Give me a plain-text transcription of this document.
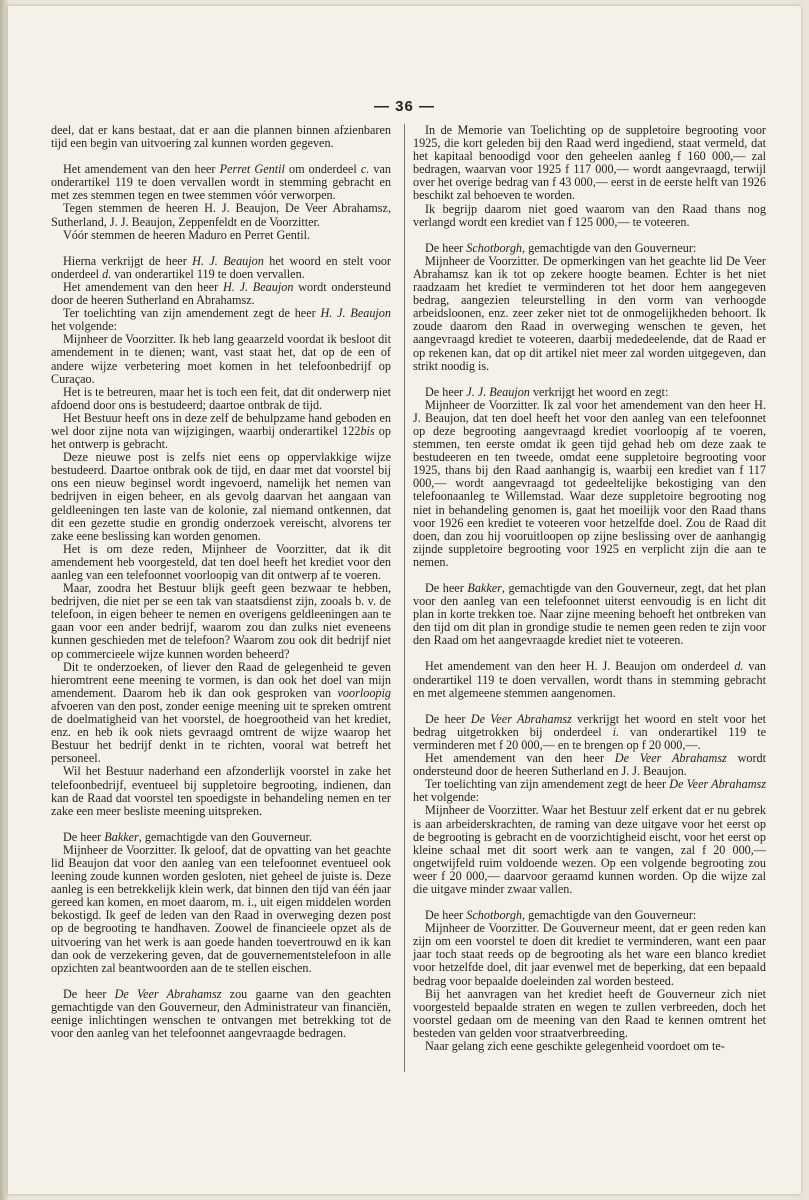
— 36 —

deel, dat er kans bestaat, dat er aan die plannen binnen afzienbaren tijd een begin van uitvoering zal kunnen worden gegeven.

Het amendement van den heer Perret Gentil om onderdeel c. van onderartikel 119 te doen vervallen wordt in stemming gebracht en met zes stemmen tegen en twee stemmen vóór verworpen.

Tegen stemmen de heeren H. J. Beaujon, De Veer Abrahamsz, Sutherland, J. J. Beaujon, Zeppenfeldt en de Voorzitter.

Vóór stemmen de heeren Maduro en Perret Gentil.

Hierna verkrijgt de heer H. J. Beaujon het woord en stelt voor onderdeel d. van onderartikel 119 te doen vervallen.

Het amendement van den heer H. J. Beaujon wordt ondersteund door de heeren Sutherland en Abrahamsz.

Ter toelichting van zijn amendement zegt de heer H. J. Beaujon het volgende:

Mijnheer de Voorzitter. Ik heb lang geaarzeld voordat ik besloot dit amendement in te dienen; want, vast staat het, dat op de een of andere wijze verbetering moet komen in het telefoonbedrijf op Curaçao.

Het is te betreuren, maar het is toch een feit, dat dit onderwerp niet afdoend door ons is bestudeerd; daartoe ontbrak de tijd.

Het Bestuur heeft ons in deze zelf de behulpzame hand geboden en wel door zijne nota van wijzigingen, waarbij onderartikel 122bis op het ontwerp is gebracht.

Deze nieuwe post is zelfs niet eens op oppervlakkige wijze bestudeerd. Daartoe ontbrak ook de tijd, en daar met dat voorstel bij ons een nieuw beginsel wordt ingevoerd, namelijk het nemen van bedrijven in eigen beheer, en als gevolg daarvan het aangaan van geldleeningen ten laste van de kolonie, zal niemand ontkennen, dat dit een gezette studie en grondig onderzoek vereischt, alvorens ter zake eene beslissing kan worden genomen.

Het is om deze reden, Mijnheer de Voorzitter, dat ik dit amendement heb voorgesteld, dat ten doel heeft het krediet voor den aanleg van een telefoonnet voorloopig van dit ontwerp af te voeren.

Maar, zoodra het Bestuur blijk geeft geen bezwaar te hebben, bedrijven, die niet per se een tak van staatsdienst zijn, zooals b. v. de telefoon, in eigen beheer te nemen en overigens geldleeningen aan te gaan voor een ander bedrijf, waarom zou dan zulks niet eveneens kunnen geschieden met de telefoon? Waarom zou ook dit bedrijf niet op commercieele wijze kunnen worden beheerd?

Dit te onderzoeken, of liever den Raad de gelegenheid te geven hieromtrent eene meening te vormen, is dan ook het doel van mijn amendement. Daarom heb ik dan ook gesproken van voorloopig afvoeren van den post, zonder eenige meening uit te spreken omtrent de doelmatigheid van het voorstel, de hoegrootheid van het krediet, enz. en heb ik ook niets gevraagd omtrent de wijze waarop het Bestuur het bedrijf denkt in te richten, vooral wat betreft het personeel.

Wil het Bestuur naderhand een afzonderlijk voorstel in zake het telefoonbedrijf, eventueel bij suppletoire begrooting, indienen, dan kan de Raad dat voorstel ten spoedigste in behandeling nemen en ter zake een meer besliste meening uitspreken.

De heer Bakker, gemachtigde van den Gouverneur.

Mijnheer de Voorzitter. Ik geloof, dat de opvatting van het geachte lid Beaujon dat voor den aanleg van een telefoonnet eventueel ook leening zoude kunnen worden gesloten, niet geheel de juiste is. Deze aanleg is een betrekkelijk klein werk, dat binnen den tijd van één jaar gereed kan komen, en moet daarom, m. i., uit eigen middelen worden bekostigd. Ik geef de leden van den Raad in overweging dezen post op de begrooting te handhaven. Zoowel de financieele opzet als de uitvoering van het werk is aan goede handen toevertrouwd en ik kan dan ook de verzekering geven, dat de gouvernementstelefoon in alle opzichten zal beantwoorden aan de te stellen eischen.

De heer De Veer Abrahamsz zou gaarne van den geachten gemachtigde van den Gouverneur, den Administrateur van financiën, eenige inlichtingen wenschen te ontvangen met betrekking tot de voor den aanleg van het telefoonnet aangevraagde bedragen.

In de Memorie van Toelichting op de suppletoire begrooting voor 1925, die kort geleden bij den Raad werd ingediend, staat vermeld, dat het kapitaal benoodigd voor den geheelen aanleg f 160 000,— zal bedragen, waarvan voor 1925 f 117 000,— wordt aangevraagd, terwijl over het overige bedrag van f 43 000,— eerst in de eerste helft van 1926 beschikt zal behoeven te worden.

Ik begrijp daarom niet goed waarom van den Raad thans nog verlangd wordt een krediet van f 125 000,— te voteeren.

De heer Schotborgh, gemachtigde van den Gouverneur:

Mijnheer de Voorzitter. De opmerkingen van het geachte lid De Veer Abrahamsz kan ik tot op zekere hoogte beamen. Echter is het niet raadzaam het krediet te verminderen tot het door hem aangegeven bedrag, aangezien teleurstelling in den vorm van verhoogde arbeidsloonen, enz. zeer zeker niet tot de onmogelijkheden behoort. Ik zoude daarom den Raad in overweging wenschen te geven, het aangevraagd krediet te voteeren, daarbij mededeelende, dat de Raad er op rekenen kan, dat op dit artikel niet meer zal worden uitgegeven, dan strikt noodig is.

De heer J. J. Beaujon verkrijgt het woord en zegt:

Mijnheer de Voorzitter. Ik zal voor het amendement van den heer H. J. Beaujon, dat ten doel heeft het voor den aanleg van een telefoonnet op deze begrooting aangevraagd krediet voorloopig af te voeren, stemmen, ten eerste omdat ik geen tijd gehad heb om deze zaak te bestudeeren en ten tweede, omdat eene suppletoire begrooting voor 1925, thans bij den Raad aanhangig is, waarbij een krediet van f 117 000,— wordt aangevraagd tot gedeeltelijke bekostiging van den telefoonaanleg te Willemstad. Waar deze suppletoire begrooting nog niet in behandeling genomen is, gaat het moeilijk voor den Raad thans voor 1926 een krediet te voteeren voor hetzelfde doel. Zou de Raad dit doen, dan zou hij vooruitloopen op zijne beslissing over de aanhangig zijnde suppletoire begrooting voor 1925 en verplicht zijn die aan te nemen.

De heer Bakker, gemachtigde van den Gouverneur, zegt, dat het plan voor den aanleg van een telefoonnet uiterst eenvoudig is en licht dit plan in korte trekken toe. Naar zijne meening behoeft het ontbreken van den tijd om dit plan in grondige studie te nemen geen reden te zijn voor den Raad om het aangevraagde krediet niet te voteeren.

Het amendement van den heer H. J. Beaujon om onderdeel d. van onderartikel 119 te doen vervallen, wordt thans in stemming gebracht en met algemeene stemmen aangenomen.

De heer De Veer Abrahamsz verkrijgt het woord en stelt voor het bedrag uitgetrokken bij onderdeel i. van onderartikel 119 te verminderen met f 20 000,— en te brengen op f 20 000,—.

Het amendement van den heer De Veer Abrahamsz wordt ondersteund door de heeren Sutherland en J. J. Beaujon.

Ter toelichting van zijn amendement zegt de heer De Veer Abrahamsz het volgende:

Mijnheer de Voorzitter. Waar het Bestuur zelf erkent dat er nu gebrek is aan arbeiderskrachten, de raming van deze uitgave voor het eerst op de begrooting is gebracht en de voorzichtigheid eischt, voor het eerst op kleine schaal met dit soort werk aan te vangen, zal f 20 000,— ongetwijfeld ruim voldoende wezen. Op een volgende begrooting zou weer f 20 000,— daarvoor geraamd kunnen worden. Op die wijze zal die uitgave minder zwaar vallen.

De heer Schotborgh, gemachtigde van den Gouverneur:

Mijnheer de Voorzitter. De Gouverneur meent, dat er geen reden kan zijn om een voorstel te doen dit krediet te verminderen, want een paar jaar toch staat reeds op de begrooting als het ware een blanco krediet voor hetzelfde doel, dit jaar evenwel met de beperking, dat een bepaald bedrag voor bepaalde doeleinden zal worden besteed.

Bij het aanvragen van het krediet heeft de Gouverneur zich niet voorgesteld bepaalde straten en wegen te zullen verbreeden, doch het voorstel gedaan om de meening van den Raad te kennen omtrent het besteden van gelden voor straatverbreeding.

Naar gelang zich eene geschikte gelegenheid voordoet om te-
